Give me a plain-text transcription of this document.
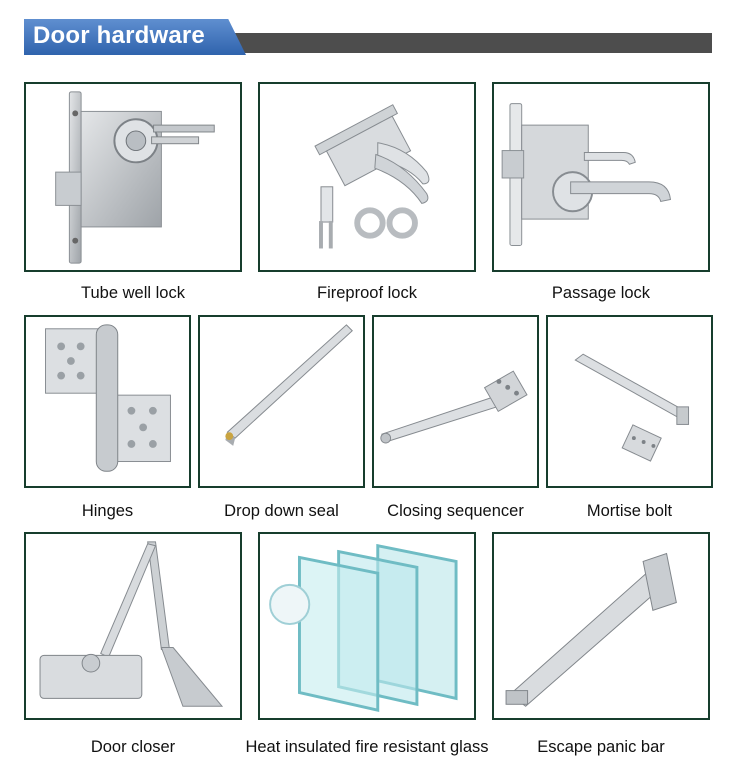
Door hardware
Tube well lock	Fireproof lock	Passage lock
Hinges	Drop down seal	Closing sequencer	Mortise bolt
Door closer	Heat insulated fire resistant glass	Escape panic bar
